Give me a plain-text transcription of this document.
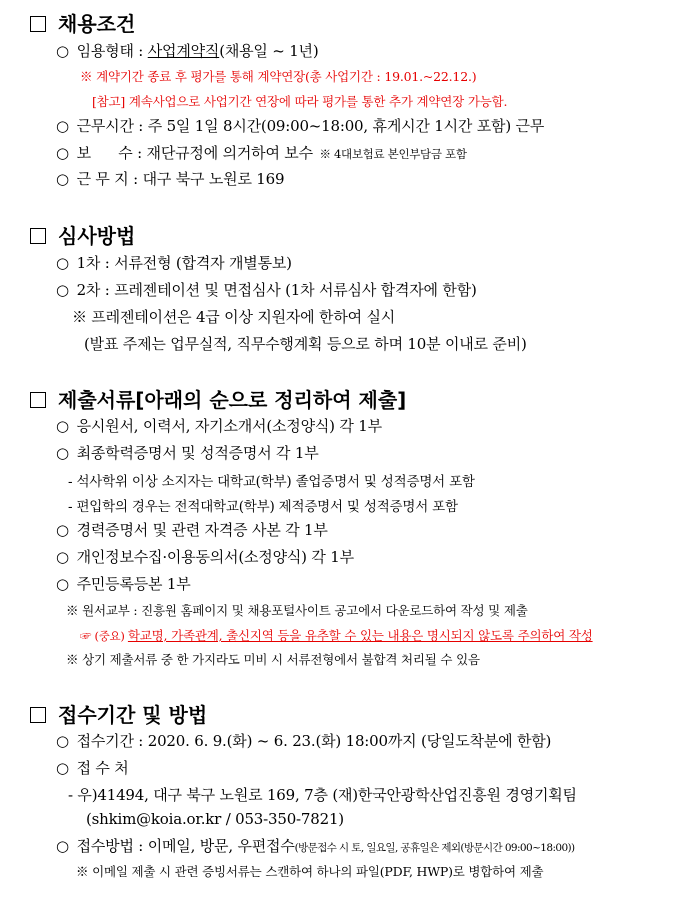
채용조건
○ 임용형태 : 사업계약직(채용일 ~ 1년)
※ 계약기간 종료 후 평가를 통해 계약연장(총 사업기간 : 19.01.~22.12.)
[참고] 계속사업으로 사업기간 연장에 따라 평가를 통한 추가 계약연장 가능함.
○ 근무시간 : 주 5일 1일 8시간(09:00~18:00, 휴게시간 1시간 포함) 근무
○ 보      수 : 재단규정에 의거하여 보수 ※ 4대보험료 본인부담금 포함
○ 근 무 지 : 대구 북구 노원로 169
심사방법
○ 1차 : 서류전형 (합격자 개별통보)
○ 2차 : 프레젠테이션 및 면접심사 (1차 서류심사 합격자에 한함)
※ 프레젠테이션은 4급 이상 지원자에 한하여 실시
(발표 주제는 업무실적, 직무수행계획 등으로 하며 10분 이내로 준비)
제출서류[아래의 순으로 정리하여 제출]
○ 응시원서, 이력서, 자기소개서(소정양식) 각 1부
○ 최종학력증명서 및 성적증명서 각 1부
- 석사학위 이상 소지자는 대학교(학부) 졸업증명서 및 성적증명서 포함
- 편입학의 경우는 전적대학교(학부) 제적증명서 및 성적증명서 포함
○ 경력증명서 및 관련 자격증 사본 각 1부
○ 개인정보수집·이용동의서(소정양식) 각 1부
○ 주민등록등본 1부
※ 원서교부 : 진흥원 홈페이지 및 채용포털사이트 공고에서 다운로드하여 작성 및 제출
☞ (중요) 학교명, 가족관계, 출신지역 등을 유추할 수 있는 내용은 명시되지 않도록 주의하여 작성
※ 상기 제출서류 중 한 가지라도 미비 시 서류전형에서 불합격 처리될 수 있음
접수기간 및 방법
○ 접수기간 : 2020. 6. 9.(화) ~ 6. 23.(화) 18:00까지 (당일도착분에 한함)
○ 접 수 처
- 우)41494, 대구 북구 노원로 169, 7층 (재)한국안광학산업진흥원 경영기획팀
(shkim@koia.or.kr / 053-350-7821)
○ 접수방법 : 이메일, 방문, 우편접수(방문접수 시 토, 일요일, 공휴일은 제외(방문시간 09:00~18:00))
※ 이메일 제출 시 관련 증빙서류는 스캔하여 하나의 파일(PDF, HWP)로 병합하여 제출
